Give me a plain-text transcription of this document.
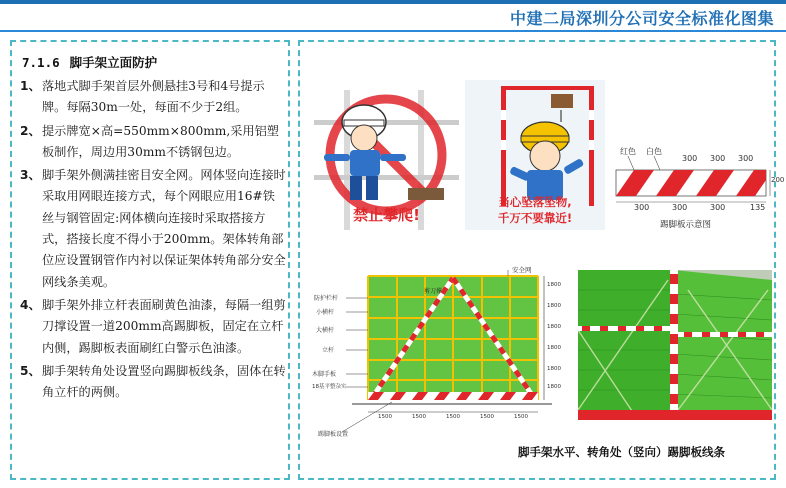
中建二局深圳分公司安全标准化图集
7.1.6 脚手架立面防护
1、 落地式脚手架首层外侧悬挂3号和4号提示牌。每隔30m一处，每面不少于2组。
2、 提示牌宽×高=550mm×800mm,采用铝塑板制作，周边用30mm不锈钢包边。
3、 脚手架外侧满挂密目安全网。网体竖向连接时采取用网眼连接方式，每个网眼应用16#铁丝与钢管固定:网体横向连接时采取搭接方式，搭接长度不得小于200mm。架体转角部位应设置钢管作内衬以保证架体转角部分安全网线条美观。
4、 脚手架外排立杆表面刷黄色油漆，每隔一组剪刀撑设置一道200mm高踢脚板，固定在立杆内侧，踢脚板表面刷红白警示色油漆。
5、 脚手架转角处设置竖向踢脚板线条，固体在转角立杆的两侧。
禁止攀爬!
当心坠落坠物,
千万不要靠近!
红色 白色
300 300 300
200
300	300	300	135
踢脚板示意图
安全网
防护栏杆
小横杆
大横杆
立杆
木脚手板
18基平整杂实
剪刀撑
踢脚板设置
1800
1800
1800
1800
1800
1800
1500	1500	1500	1500	1500
脚手架水平、转角处（竖向）踢脚板线条
